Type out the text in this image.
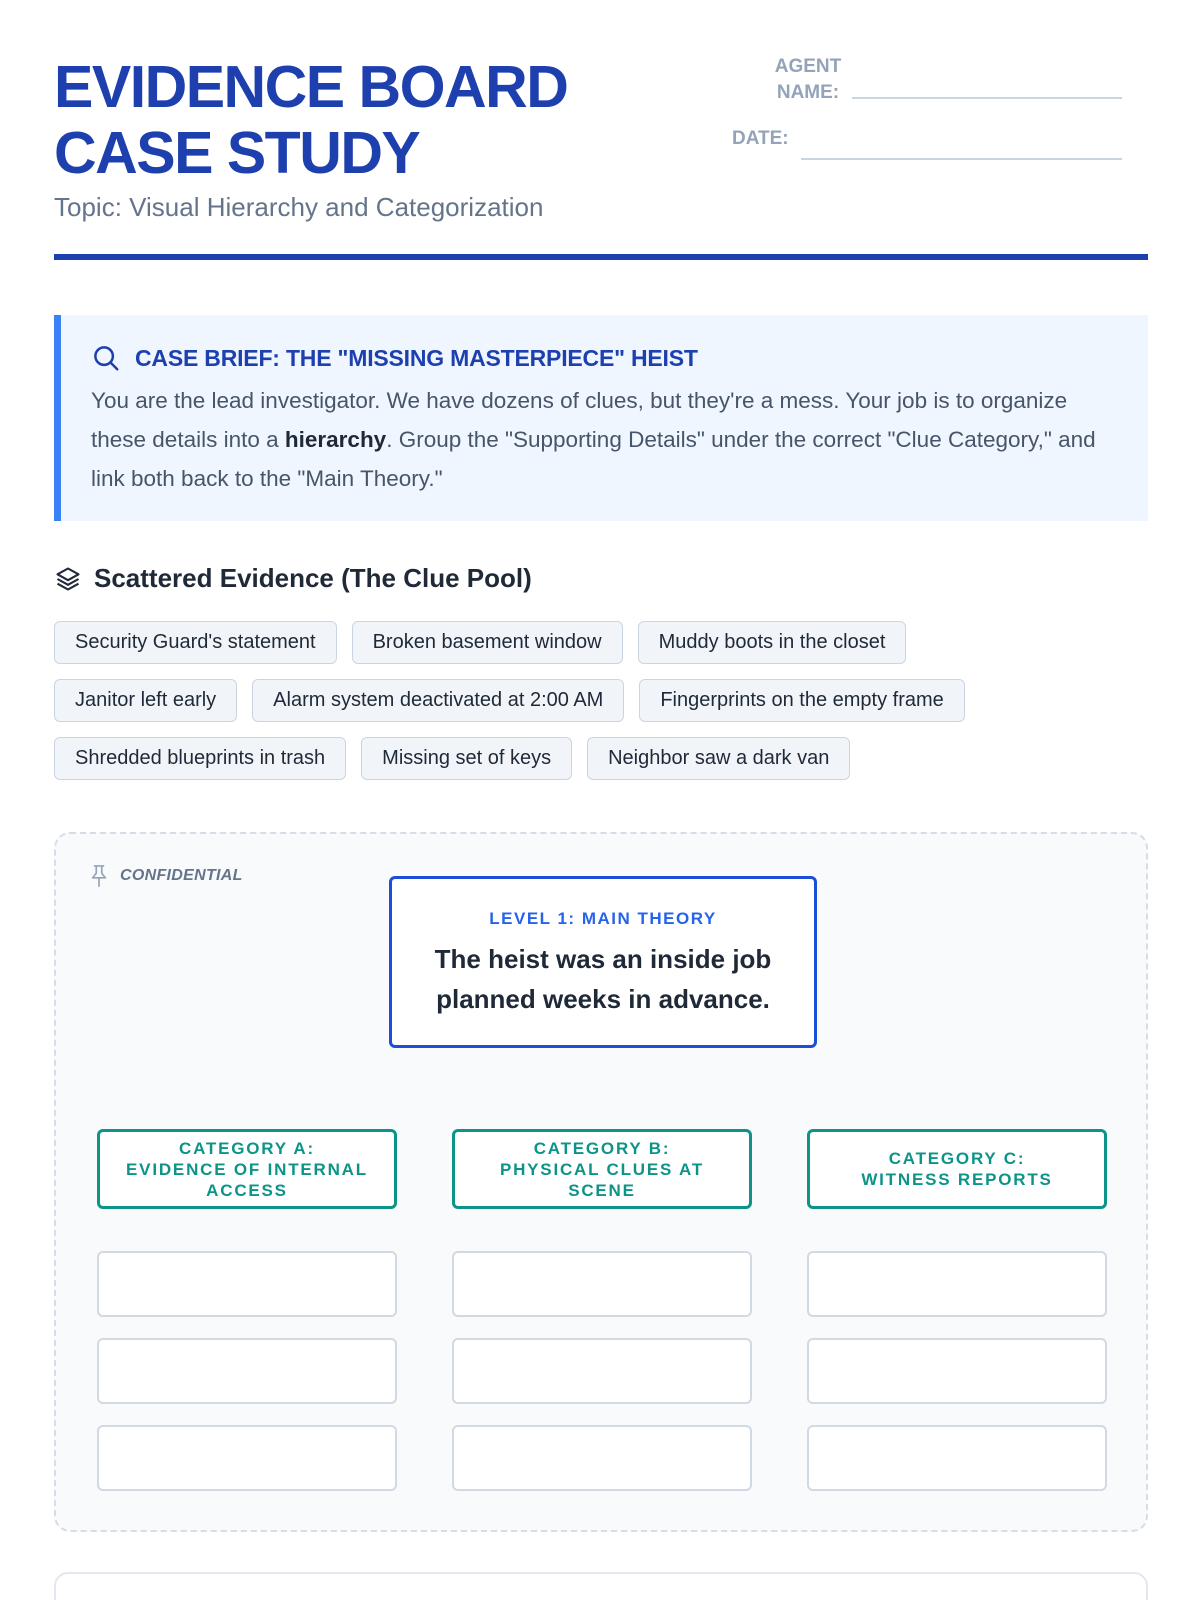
EVIDENCE BOARD
CASE STUDY
Topic: Visual Hierarchy and Categorization
AGENT
NAME:
DATE:
CASE BRIEF: THE "MISSING MASTERPIECE" HEIST
You are the lead investigator. We have dozens of clues, but they're a mess. Your job is to organize these details into a hierarchy. Group the "Supporting Details" under the correct "Clue Category," and link both back to the "Main Theory."
Scattered Evidence (The Clue Pool)
Security Guard's statement	Broken basement window	Muddy boots in the closet
Janitor left early	Alarm system deactivated at 2:00 AM	Fingerprints on the empty frame
Shredded blueprints in trash	Missing set of keys	Neighbor saw a dark van
CONFIDENTIAL
LEVEL 1: MAIN THEORY
The heist was an inside job
planned weeks in advance.
CATEGORY A:
EVIDENCE OF INTERNAL
ACCESS
CATEGORY B:
PHYSICAL CLUES AT
SCENE
CATEGORY C:
WITNESS REPORTS
